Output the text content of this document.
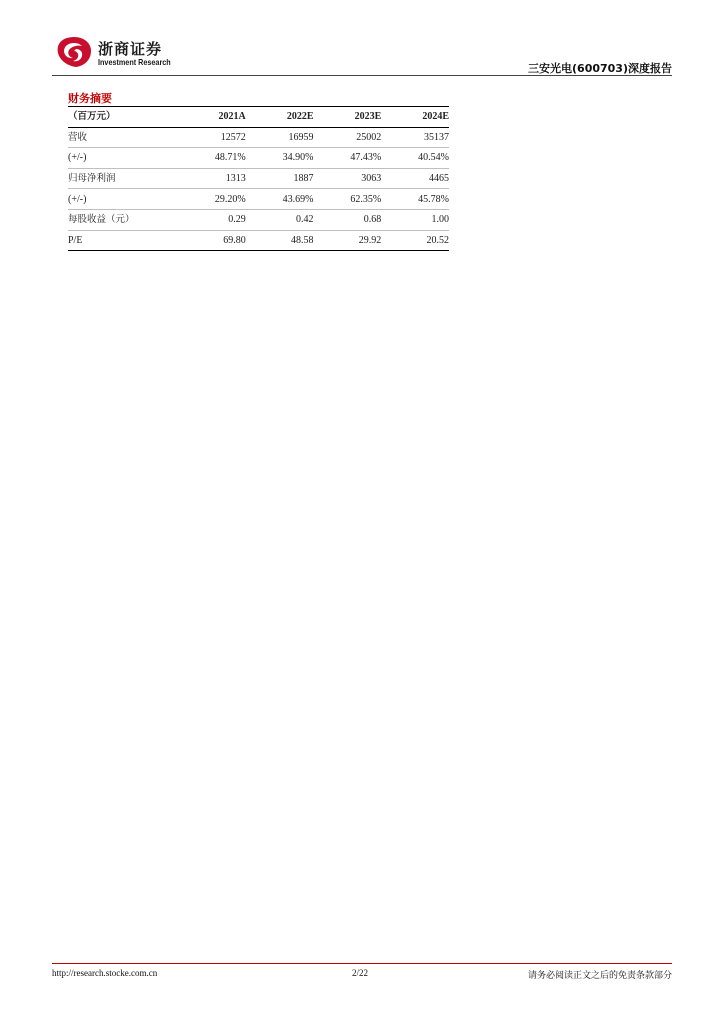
浙商证券
Investment Research	三安光电(600703)深度报告
财务摘要
（百万元）	2021A	2022E	2023E	2024E
营收	12572	16959	25002	35137
(+/-)	48.71%	34.90%	47.43%	40.54%
归母净利润	1313	1887	3063	4465
(+/-)	29.20%	43.69%	62.35%	45.78%
每股收益（元）	0.29	0.42	0.68	1.00
P/E	69.80	48.58	29.92	20.52
http://research.stocke.com.cn	2/22	请务必阅读正文之后的免责条款部分
